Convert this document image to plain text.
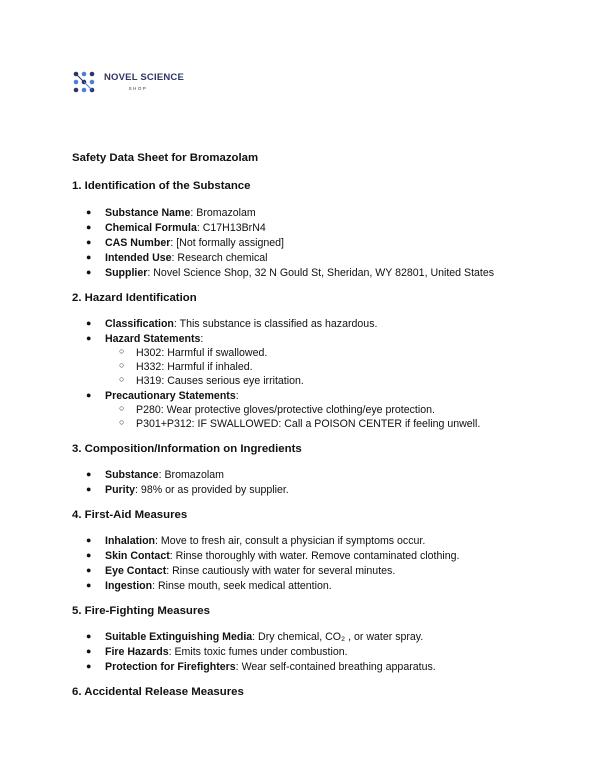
NOVEL SCIENCE
SHOP
Safety Data Sheet for Bromazolam
1. Identification of the Substance
● Substance Name: Bromazolam
● Chemical Formula: C17H13BrN4
● CAS Number: [Not formally assigned]
● Intended Use: Research chemical
● Supplier: Novel Science Shop, 32 N Gould St, Sheridan, WY 82801, United States
2. Hazard Identification
● Classification: This substance is classified as hazardous.
● Hazard Statements:
○ H302: Harmful if swallowed.
○ H332: Harmful if inhaled.
○ H319: Causes serious eye irritation.
● Precautionary Statements:
○ P280: Wear protective gloves/protective clothing/eye protection.
○ P301+P312: IF SWALLOWED: Call a POISON CENTER if feeling unwell.
3. Composition/Information on Ingredients
● Substance: Bromazolam
● Purity: 98% or as provided by supplier.
4. First-Aid Measures
● Inhalation: Move to fresh air, consult a physician if symptoms occur.
● Skin Contact: Rinse thoroughly with water. Remove contaminated clothing.
● Eye Contact: Rinse cautiously with water for several minutes.
● Ingestion: Rinse mouth, seek medical attention.
5. Fire-Fighting Measures
● Suitable Extinguishing Media: Dry chemical, CO₂ , or water spray.
● Fire Hazards: Emits toxic fumes under combustion.
● Protection for Firefighters: Wear self-contained breathing apparatus.
6. Accidental Release Measures
